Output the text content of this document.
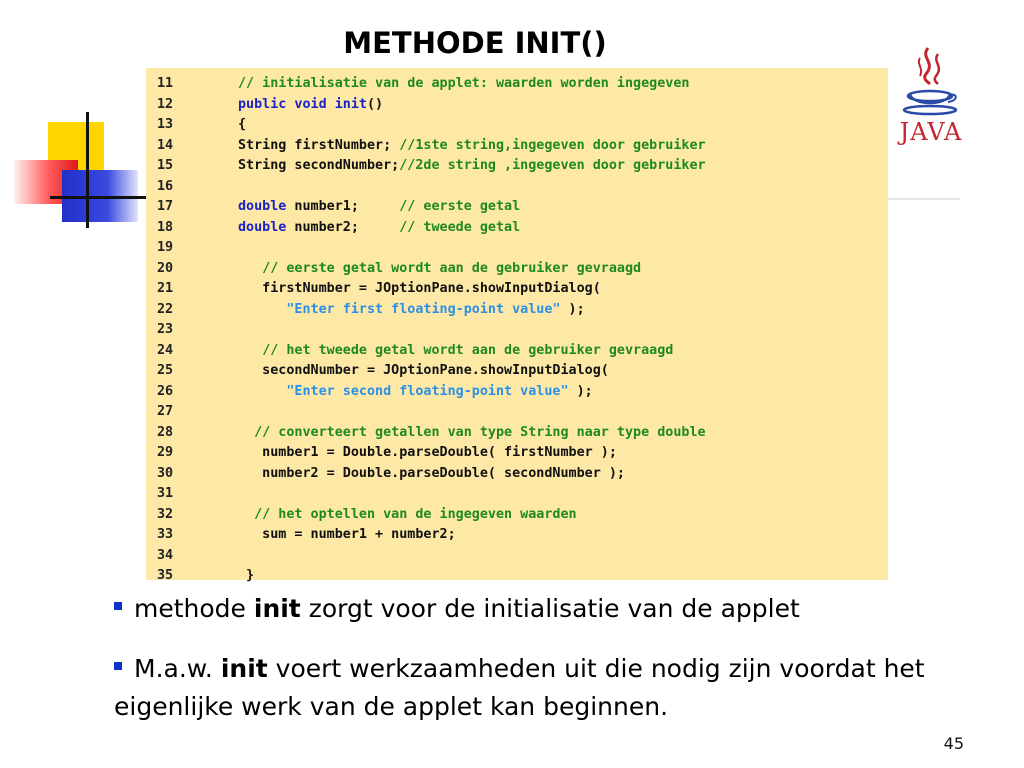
METHODE INIT()
JAVA
11	// initialisatie van de applet: waarden worden ingegeven
12	public void init()
13	{
14	String firstNumber; //1ste string,ingegeven door gebruiker
15	String secondNumber;//2de string ,ingegeven door gebruiker
16
17	double number1;     // eerste getal
18	double number2;     // tweede getal
19
20	// eerste getal wordt aan de gebruiker gevraagd
21	firstNumber = JOptionPane.showInputDialog(
22	"Enter first floating-point value" );
23
24	// het tweede getal wordt aan de gebruiker gevraagd
25	secondNumber = JOptionPane.showInputDialog(
26	"Enter second floating-point value" );
27
28	// converteert getallen van type String naar type double
29	number1 = Double.parseDouble( firstNumber );
30	number2 = Double.parseDouble( secondNumber );
31
32	// het optellen van de ingegeven waarden
33	sum = number1 + number2;
34
35	}
methode init zorgt voor de initialisatie van de applet
M.a.w. init voert werkzaamheden uit die nodig zijn voordat het eigenlijke werk van de applet kan beginnen.
45
